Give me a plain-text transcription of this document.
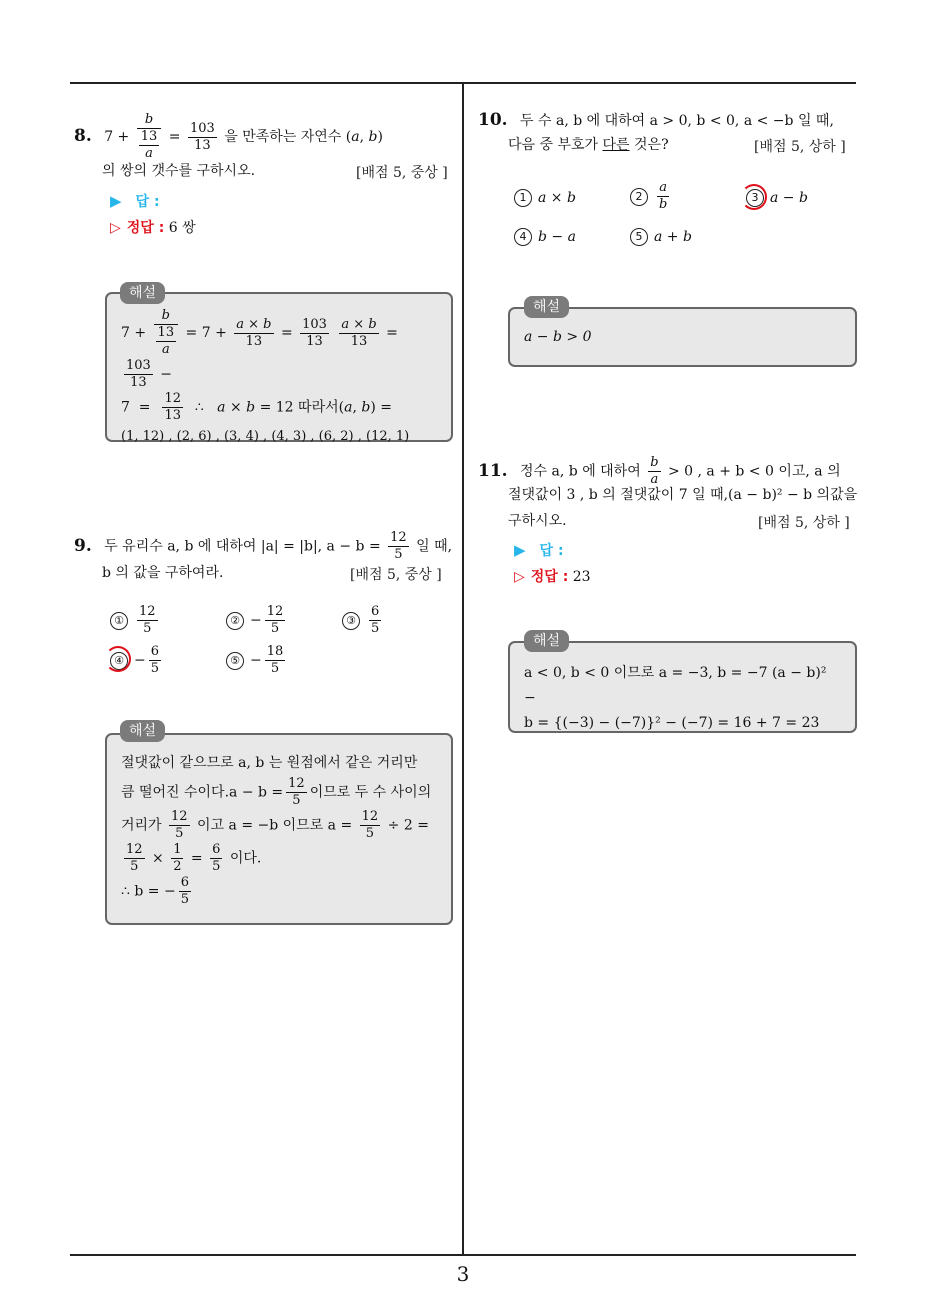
3
8. $7 + \frac{b}{\frac{13}{a}} = \frac{103}{13}$ 을 만족하는 자연수 (a, b)
의 쌍의 갯수를 구하시오.	[배점 5, 중상 ]
▶ 답 :
▷ 정답 : 6 쌍
$7 + \frac{b}{\frac{13}{a}} = 7 + \frac{a \times b}{13} = \frac{103}{13}$
$\frac{a \times b}{13}$ =
$\frac{103}{13}$ −
$7 = \frac{12}{13}$ ∴   a × b = 12 따라서(a, b) =
(1, 12) , (2, 6) , (3, 4) , (4, 3) , (6, 2) , (12, 1)
해설
9. 두 유리수 a, b 에 대하여 |a| = |b|, $a - b = \frac{12}{5}$ 일 때,
b 의 값을 구하여라.	[배점 5, 중상 ]
① $\frac{12}{5}$	② − $\frac{12}{5}$	③ $\frac{6}{5}$
④ − $\frac{6}{5}$	⑤ − $\frac{18}{5}$
절댓값이 같으므로 a, b 는 원점에서 같은 거리만
큼 떨어진 수이다$.a - b = \frac{12}{5}$ 이므로 두 수 사이의
거리가 $\frac{12}{5}$ 이고 a = −b 이므로 $a = \frac{12}{5} \div 2$ =
$\frac{12}{5} \times \frac{1}{2} = \frac{6}{5}$ 이다.
∴ b = − $\frac{6}{5}$
해설
10. 두 수 a, b 에 대하여 a > 0, b < 0, a < −b 일 때,
다음 중 부호가 다른 것은?	[배점 5, 상하 ]
1 a × b	$2 \frac{a}{b}$	3 a − b
4 b − a	5 a + b
a − b > 0
해설
11. 정수 a, b 에 대하여 $\frac{b}{a} > 0$ , a + b < 0 이고, a 의
절댓값이 3 , b 의 절댓값이 7 일 때,(a − b)² − b 의값을
구하시오.	[배점 5, 상하 ]
▶ 답 :
▷ 정답 : 23
a < 0, b < 0 이므로 a = −3, b = −7 (a − b)² −
b = {(−3) − (−7)}² − (−7) = 16 + 7 = 23
해설
